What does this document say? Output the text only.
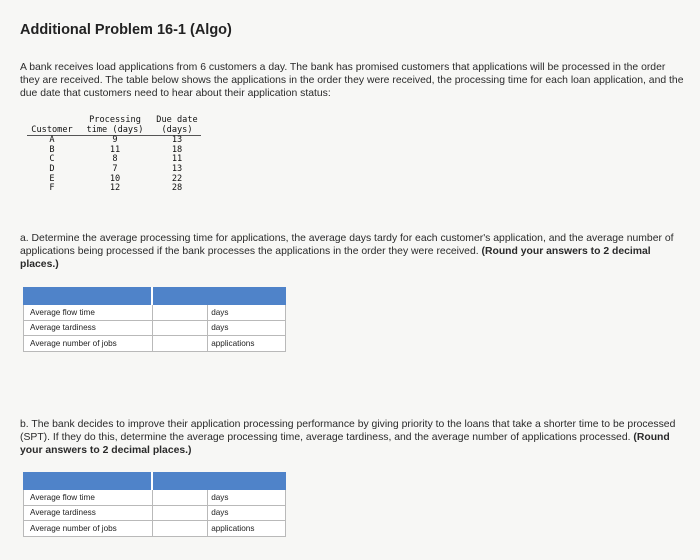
Additional Problem 16-1 (Algo)
A bank receives load applications from 6 customers a day. The bank has promised customers that applications will be processed in the order they are received. The table below shows the applications in the order they were received, the processing time for each loan application, and the due date that customers need to hear about their application status:
	Processing	Due date
Customer	time (days)	(days)
A	9	13
B	11	18
C	8	11
D	7	13
E	10	22
F	12	28
a. Determine the average processing time for applications, the average days tardy for each customer's application, and the average number of applications being processed if the bank processes the applications in the order they were received. (Round your answers to 2 decimal places.)

Average flow time		days
Average tardiness		days
Average number of jobs		applications
b. The bank decides to improve their application processing performance by giving priority to the loans that take a shorter time to be processed (SPT). If they do this, determine the average processing time, average tardiness, and the average number of applications processed. (Round your answers to 2 decimal places.)

Average flow time		days
Average tardiness		days
Average number of jobs		applications
